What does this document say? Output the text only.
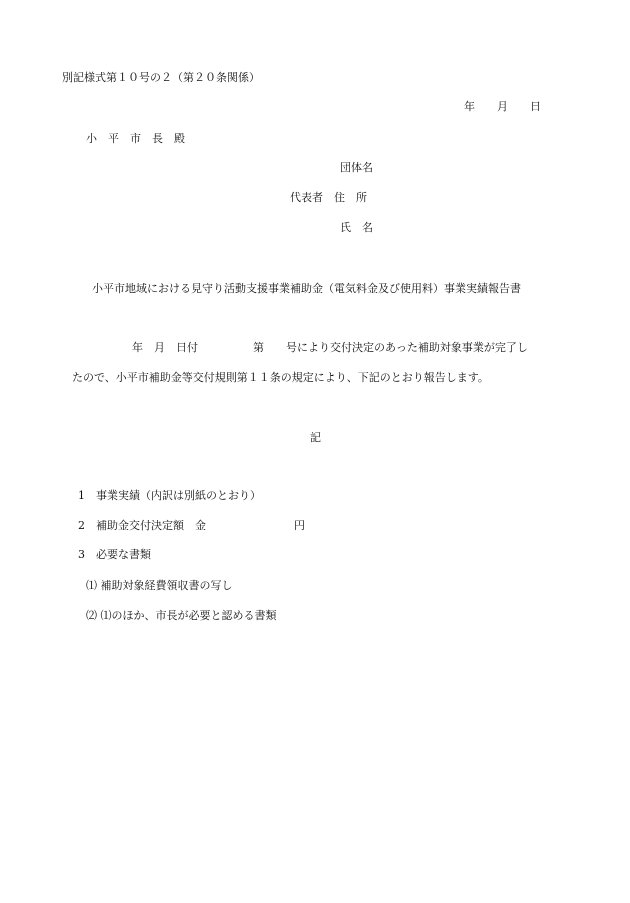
別記様式第１０号の２（第２０条関係）
年　　月　　日
小　平　市　長　殿
団体名
代表者　住　所
氏　名
小平市地域における見守り活動支援事業補助金（電気料金及び使用料）事業実績報告書
年　月　日付　　　　　第　　号により交付決定のあった補助対象事業が完了し
たので、小平市補助金等交付規則第１１条の規定により、下記のとおり報告します。
記
1　事業実績（内訳は別紙のとおり）
2　補助金交付決定額　金　　　　　　　　円
3　必要な書類
⑴ 補助対象経費領収書の写し
⑵ ⑴のほか、市長が必要と認める書類
